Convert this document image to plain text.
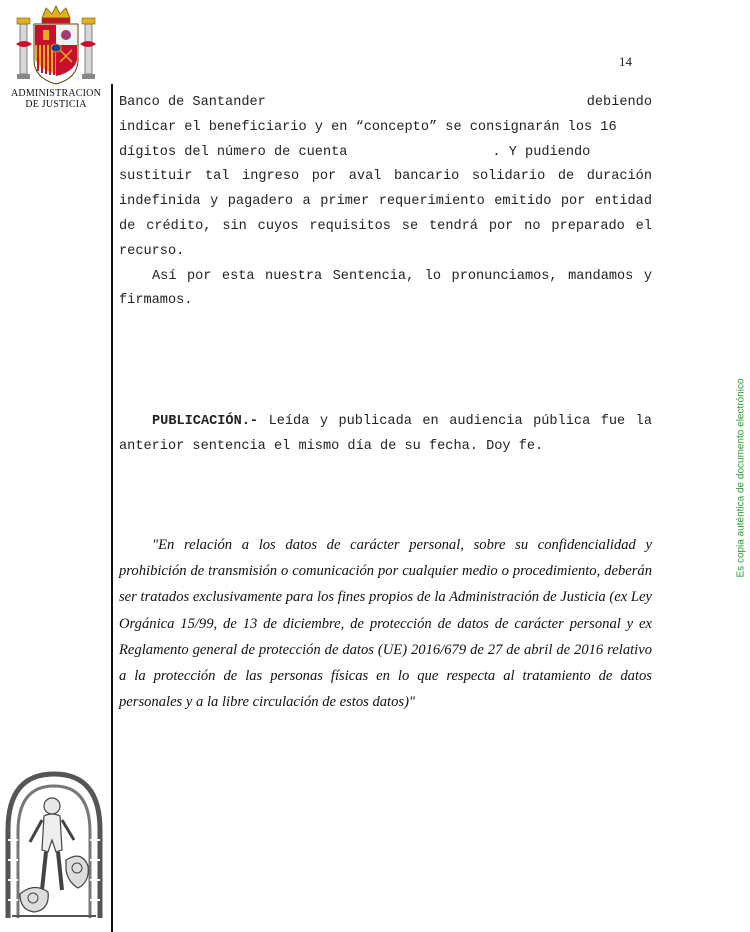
ADMINISTRACION DE JUSTICIA
14

Banco de Santander	debiendo

indicar el beneficiario y en “concepto” se consignarán los 16

dígitos del número de cuenta	. Y pudiendo

sustituir tal ingreso por aval bancario solidario de duración indefinida y pagadero a primer requerimiento emitido por entidad de crédito, sin cuyos requisitos se tendrá por no preparado el recurso.

Así por esta nuestra Sentencia, lo pronunciamos, mandamos y firmamos.

PUBLICACIÓN.- Leída y publicada en audiencia pública fue la anterior sentencia el mismo día de su fecha. Doy fe.
"En relación a los datos de carácter personal, sobre su confidencialidad y prohibición de transmisión o comunicación por cualquier medio o procedimiento, deberán ser tratados exclusivamente para los fines propios de la Administración de Justicia (ex Ley Orgánica 15/99, de 13 de diciembre, de protección de datos de carácter personal y ex Reglamento general de protección de datos (UE) 2016/679 de 27 de abril de 2016 relativo a la protección de las personas físicas en lo que respecta al tratamiento de datos personales y a la libre circulación de estos datos)"
Es copia auténtica de documento electrónico
